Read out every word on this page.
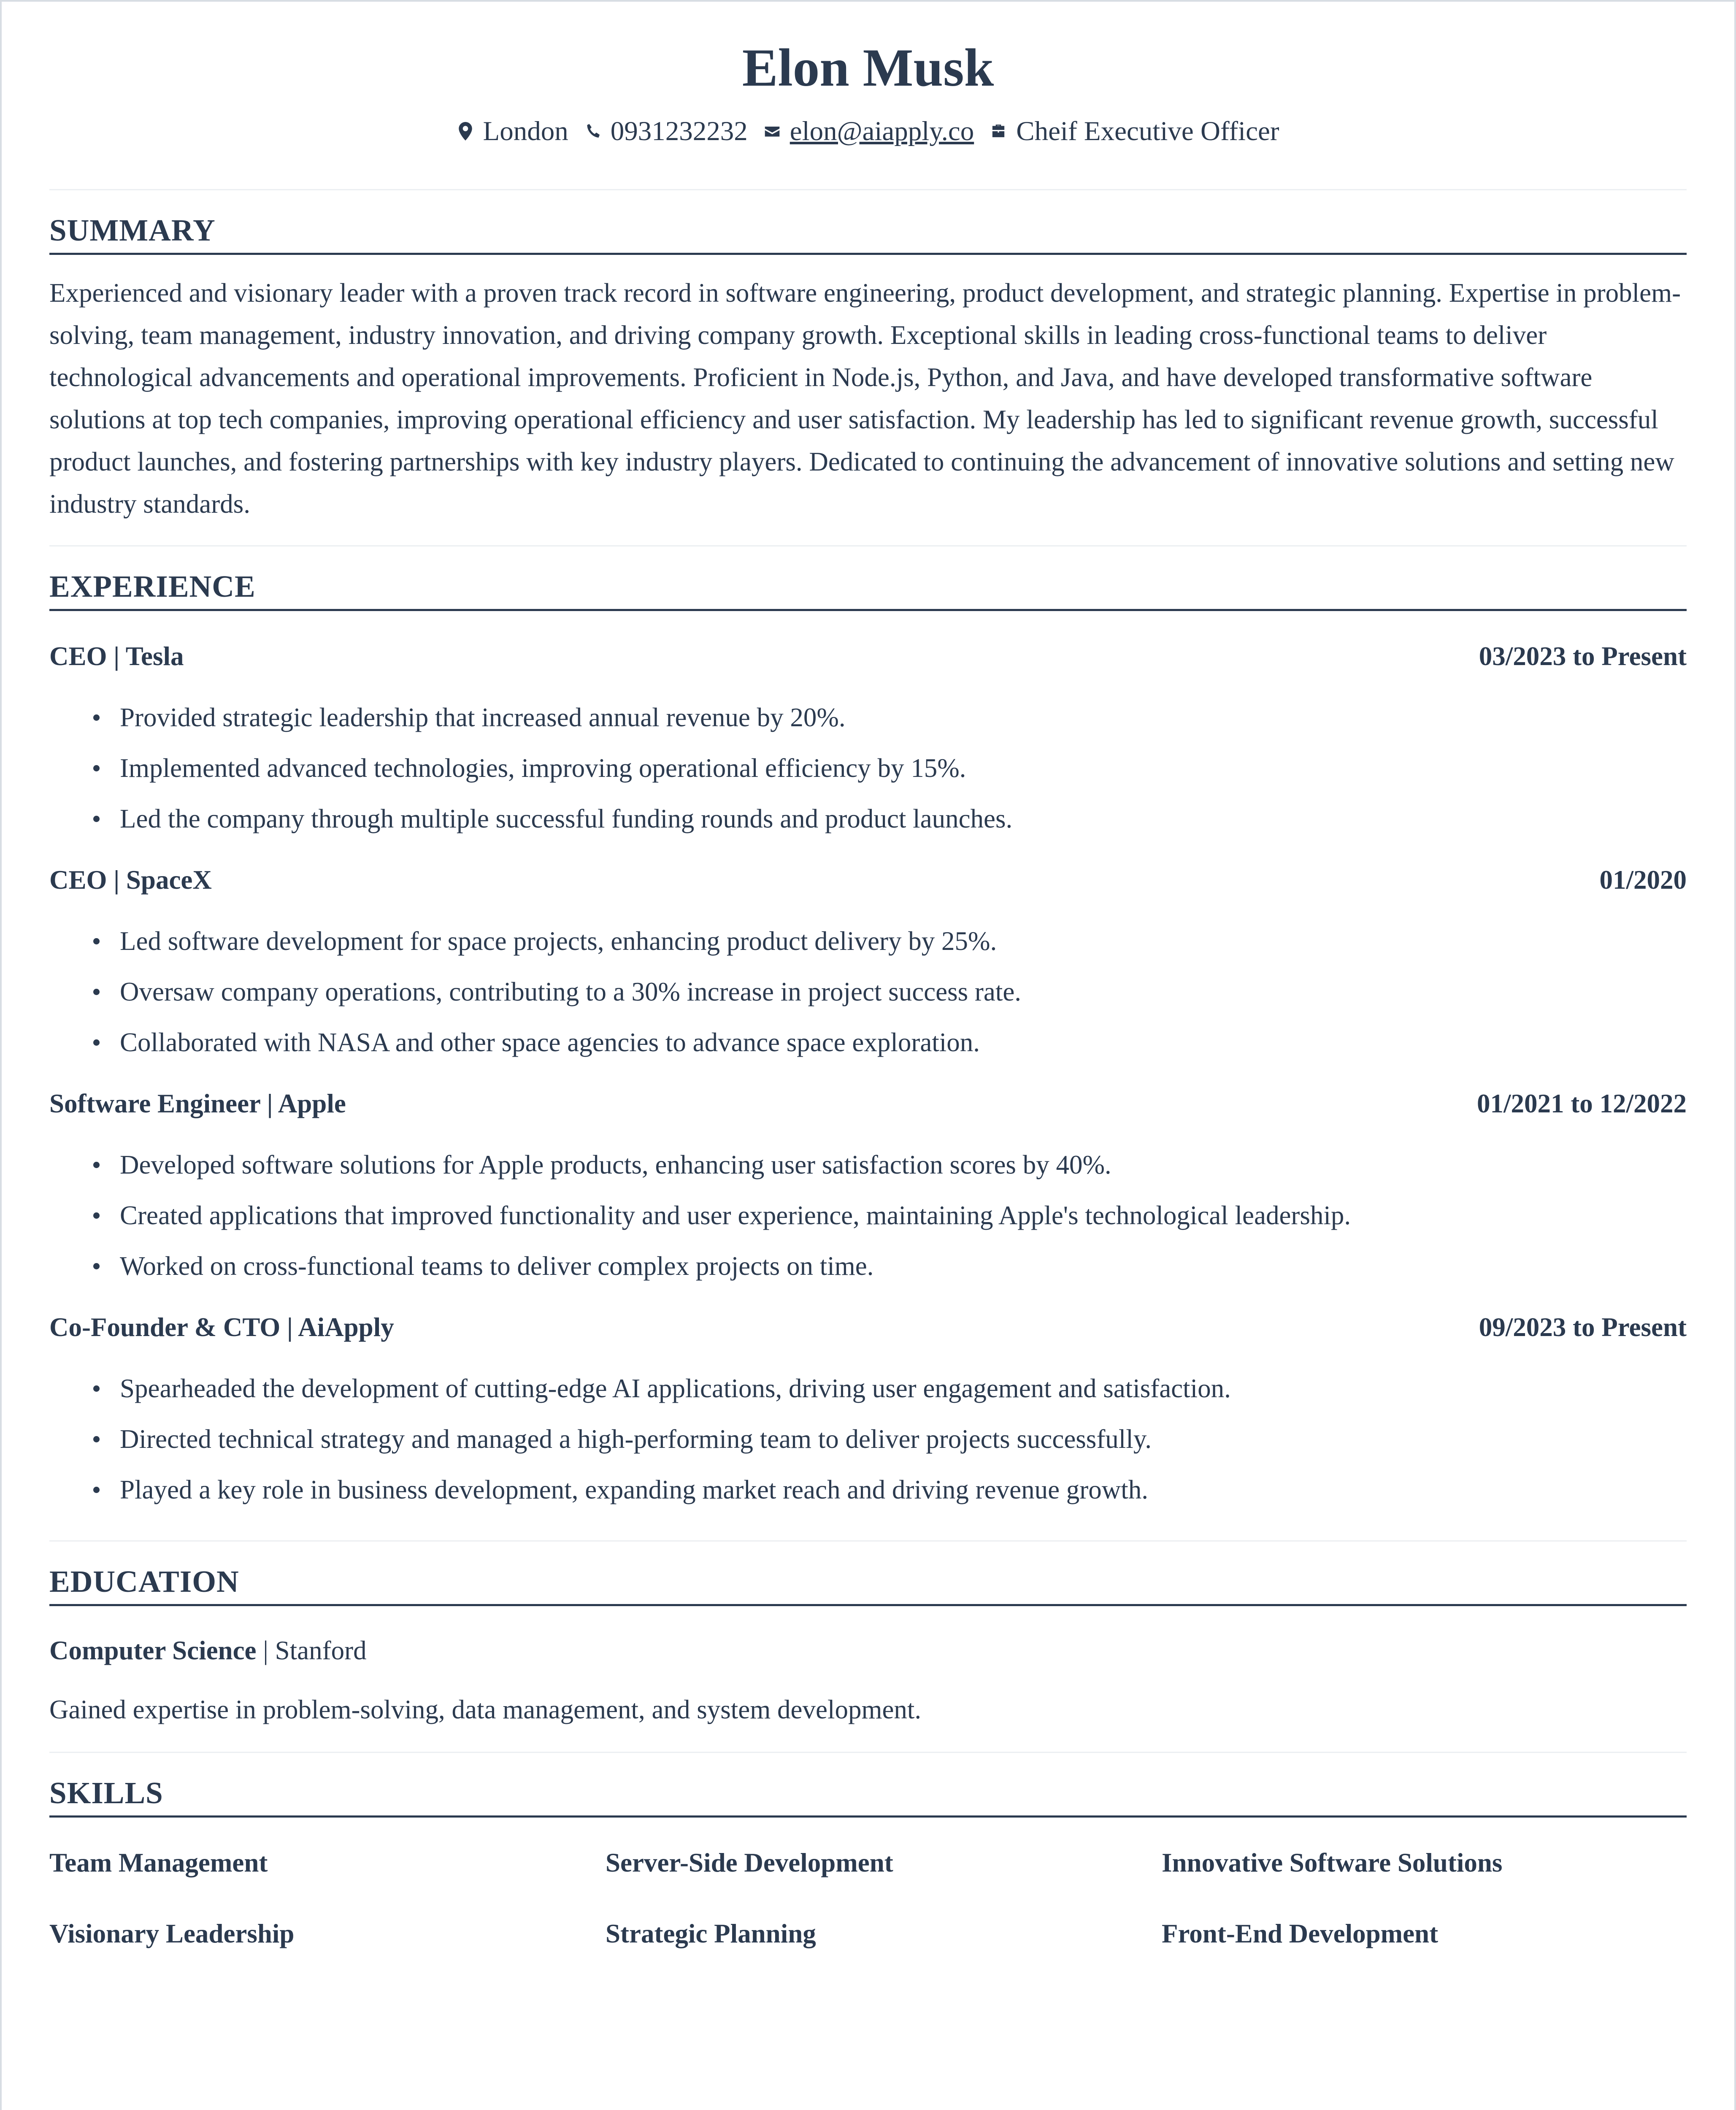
Elon Musk
London 0931232232 elon@aiapply.co Cheif Executive Officer
SUMMARY

Experienced and visionary leader with a proven track record in software engineering, product development, and strategic planning. Expertise in problem-solving, team management, industry innovation, and driving company growth. Exceptional skills in leading cross-functional teams to deliver technological advancements and operational improvements. Proficient in Node.js, Python, and Java, and have developed transformative software solutions at top tech companies, improving operational efficiency and user satisfaction. My leadership has led to significant revenue growth, successful product launches, and fostering partnerships with key industry players. Dedicated to continuing the advancement of innovative solutions and setting new industry standards.

EXPERIENCE
CEO | Tesla	03/2023 to Present
Provided strategic leadership that increased annual revenue by 20%.
Implemented advanced technologies, improving operational efficiency by 15%.
Led the company through multiple successful funding rounds and product launches.
CEO | SpaceX	01/2020
Led software development for space projects, enhancing product delivery by 25%.
Oversaw company operations, contributing to a 30% increase in project success rate.
Collaborated with NASA and other space agencies to advance space exploration.
Software Engineer | Apple	01/2021 to 12/2022
Developed software solutions for Apple products, enhancing user satisfaction scores by 40%.
Created applications that improved functionality and user experience, maintaining Apple's technological leadership.
Worked on cross-functional teams to deliver complex projects on time.
Co-Founder & CTO | AiApply	09/2023 to Present
Spearheaded the development of cutting-edge AI applications, driving user engagement and satisfaction.
Directed technical strategy and managed a high-performing team to deliver projects successfully.
Played a key role in business development, expanding market reach and driving revenue growth.
EDUCATION
Computer Science | Stanford
Gained expertise in problem-solving, data management, and system development.
SKILLS
Team Management	Server-Side Development	Innovative Software Solutions
Visionary Leadership	Strategic Planning	Front-End Development
